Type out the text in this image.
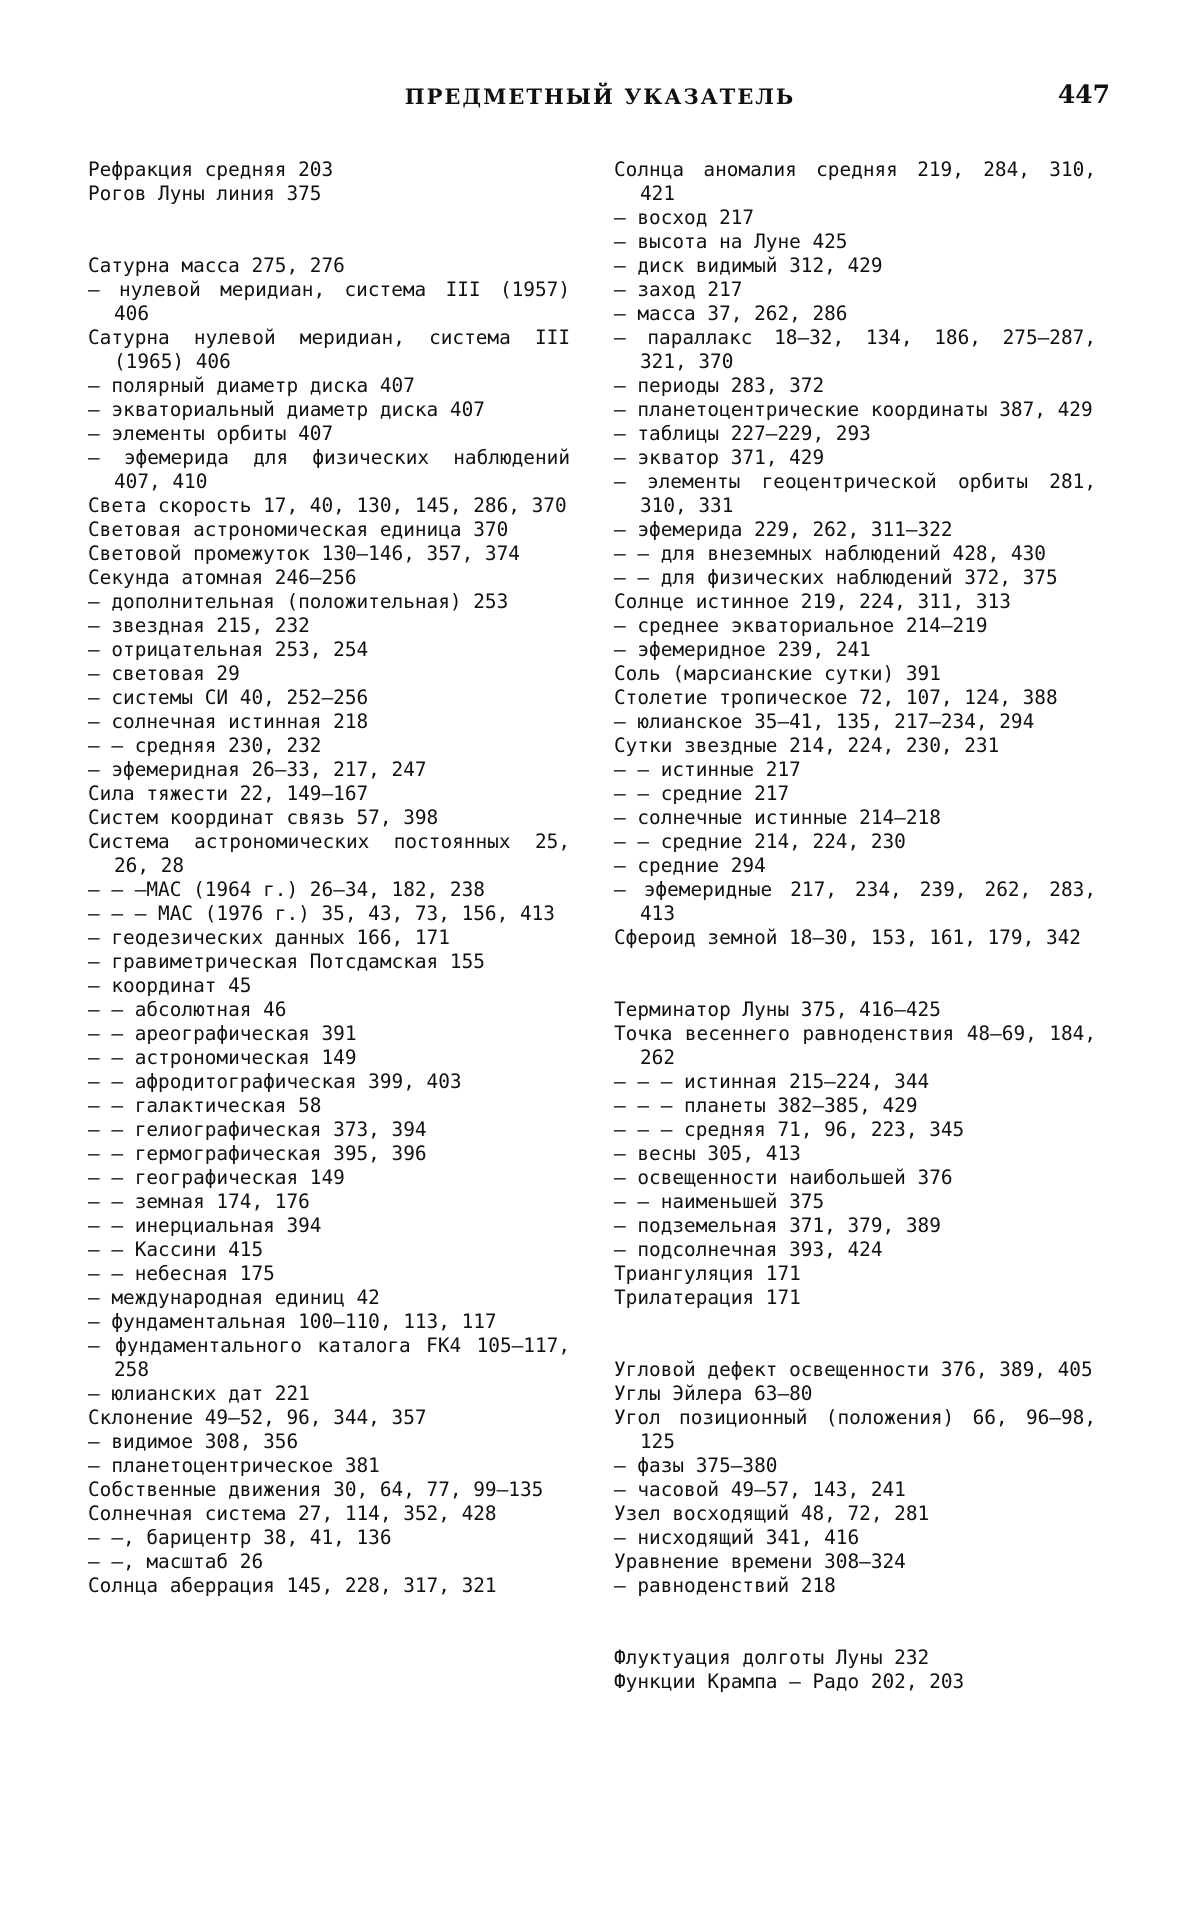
ПРЕДМЕТНЫЙ УКАЗАТЕЛЬ	447

Рефракция средняя 203

Рогов Луны линия 375

Сатурна масса 275, 276

— нулевой меридиан, система III (1957) 406

Сатурна нулевой меридиан, система III (1965) 406

— полярный диаметр диска 407

— экваториальный диаметр диска 407

— элементы орбиты 407

— эфемерида для физических наблюдений 407, 410

Света скорость 17, 40, 130, 145, 286, 370

Световая астрономическая единица 370

Световой промежуток 130—146, 357, 374

Секунда атомная 246—256

— дополнительная (положительная) 253

— звездная 215, 232

— отрицательная 253, 254

— световая 29

— системы СИ 40, 252—256

— солнечная истинная 218

— — средняя 230, 232

— эфемеридная 26—33, 217, 247

Сила тяжести 22, 149—167

Систем координат связь 57, 398

Система астрономических постоянных 25, 26, 28

— — —МАС (1964 г.) 26—34, 182, 238

— — — МАС (1976 г.) 35, 43, 73, 156, 413

— геодезических данных 166, 171

— гравиметрическая Потсдамская 155

— координат 45

— — абсолютная 46

— — ареографическая 391

— — астрономическая 149

— — афродитографическая 399, 403

— — галактическая 58

— — гелиографическая 373, 394

— — гермографическая 395, 396

— — географическая 149

— — земная 174, 176

— — инерциальная 394

— — Кассини 415

— — небесная 175

— международная единиц 42

— фундаментальная 100—110, 113, 117

— фундаментального каталога FK4 105—117, 258

— юлианских дат 221

Склонение 49—52, 96, 344, 357

— видимое 308, 356

— планетоцентрическое 381

Собственные движения 30, 64, 77, 99—135

Солнечная система 27, 114, 352, 428

— —, барицентр 38, 41, 136

— —, масштаб 26

Солнца аберрация 145, 228, 317, 321

Солнца аномалия средняя 219, 284, 310, 421

— восход 217

— высота на Луне 425

— диск видимый 312, 429

— заход 217

— масса 37, 262, 286

— параллакс 18—32, 134, 186, 275—287, 321, 370

— периоды 283, 372

— планетоцентрические координаты 387, 429

— таблицы 227—229, 293

— экватор 371, 429

— элементы геоцентрической орбиты 281, 310, 331

— эфемерида 229, 262, 311—322

— — для внеземных наблюдений 428, 430

— — для физических наблюдений 372, 375

Солнце истинное 219, 224, 311, 313

— среднее экваториальное 214—219

— эфемеридное 239, 241

Соль (марсианские сутки) 391

Столетие тропическое 72, 107, 124, 388

— юлианское 35—41, 135, 217—234, 294

Сутки звездные 214, 224, 230, 231

— — истинные 217

— — средние 217

— солнечные истинные 214—218

— — средние 214, 224, 230

— средние 294

— эфемеридные 217, 234, 239, 262, 283, 413

Сфероид земной 18—30, 153, 161, 179, 342

Терминатор Луны 375, 416—425

Точка весеннего равноденствия 48—69, 184, 262

— — — истинная 215—224, 344

— — — планеты 382—385, 429

— — — средняя 71, 96, 223, 345

— весны 305, 413

— освещенности наибольшей 376

— — наименьшей 375

— подземельная 371, 379, 389

— подсолнечная 393, 424

Триангуляция 171

Трилатерация 171

Угловой дефект освещенности 376, 389, 405

Углы Эйлера 63—80

Угол позиционный (положения) 66, 96—98, 125

— фазы 375—380

— часовой 49—57, 143, 241

Узел восходящий 48, 72, 281

— нисходящий 341, 416

Уравнение времени 308—324

— равноденствий 218

Флуктуация долготы Луны 232

Функции Крампа — Радо 202, 203
